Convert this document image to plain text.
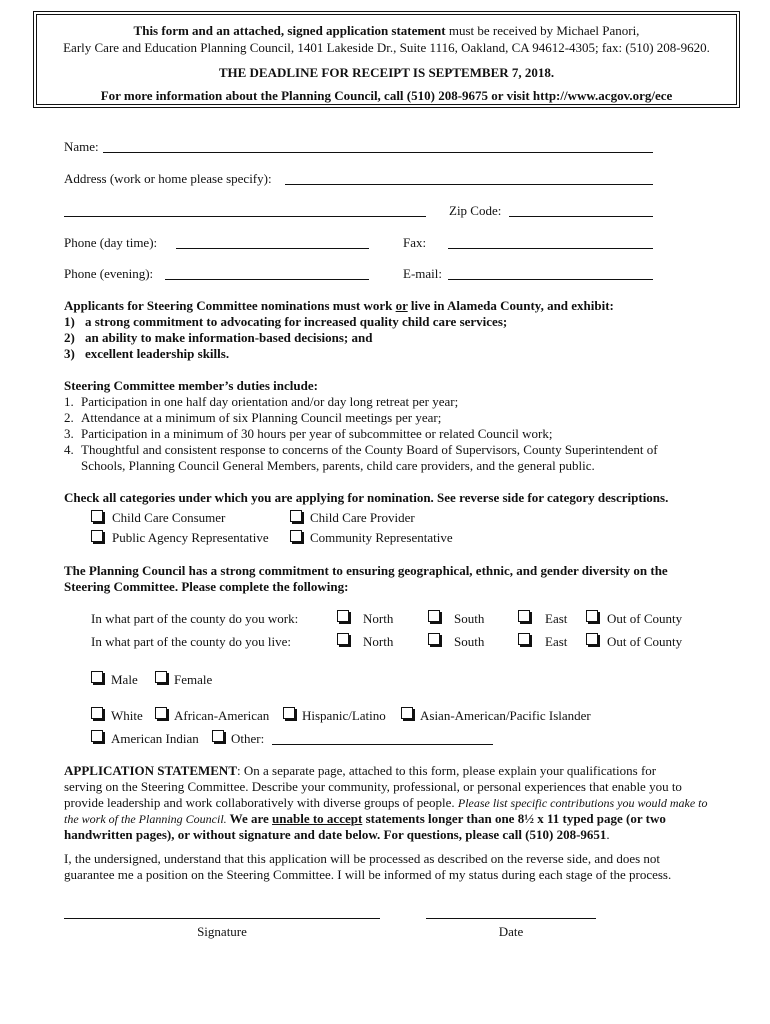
This form and an attached, signed application statement must be received by Michael Panori,
Early Care and Education Planning Council, 1401 Lakeside Dr., Suite 1116, Oakland, CA 94612-4305; fax: (510) 208-9620.
THE DEADLINE FOR RECEIPT IS SEPTEMBER 7, 2018.
For more information about the Planning Council, call (510) 208-9675 or visit http://www.acgov.org/ece
Name:
Address (work or home please specify):
Zip Code:
Phone (day time):	Fax:
Phone (evening):	E-mail:
Applicants for Steering Committee nominations must work or live in Alameda County, and exhibit:
1) a strong commitment to advocating for increased quality child care services;
2) an ability to make information-based decisions; and
3) excellent leadership skills.
Steering Committee member’s duties include:
1. Participation in one half day orientation and/or day long retreat per year;
2. Attendance at a minimum of six Planning Council meetings per year;
3. Participation in a minimum of 30 hours per year of subcommittee or related Council work;
4. Thoughtful and consistent response to concerns of the County Board of Supervisors, County Superintendent of
Schools, Planning Council General Members, parents, child care providers, and the general public.
Check all categories under which you are applying for nomination. See reverse side for category descriptions.
Child Care Consumer	Child Care Provider
Public Agency Representative	Community Representative
The Planning Council has a strong commitment to ensuring geographical, ethnic, and gender diversity on the
Steering Committee. Please complete the following:
In what part of the county do you work:	North	South	East	Out of County
In what part of the county do you live:	North	South	East	Out of County
Male	Female
White African-American	Hispanic/Latino	Asian-American/Pacific Islander
American Indian Other:
APPLICATION STATEMENT: On a separate page, attached to this form, please explain your qualifications for
serving on the Steering Committee. Describe your community, professional, or personal experiences that enable you to
provide leadership and work collaboratively with diverse groups of people. Please list specific contributions you would make to
the work of the Planning Council. We are unable to accept statements longer than one 8½ x 11 typed page (or two
handwritten pages), or without signature and date below. For questions, please call (510) 208-9651.
I, the undersigned, understand that this application will be processed as described on the reverse side, and does not
guarantee me a position on the Steering Committee. I will be informed of my status during each stage of the process.
Signature	Date
